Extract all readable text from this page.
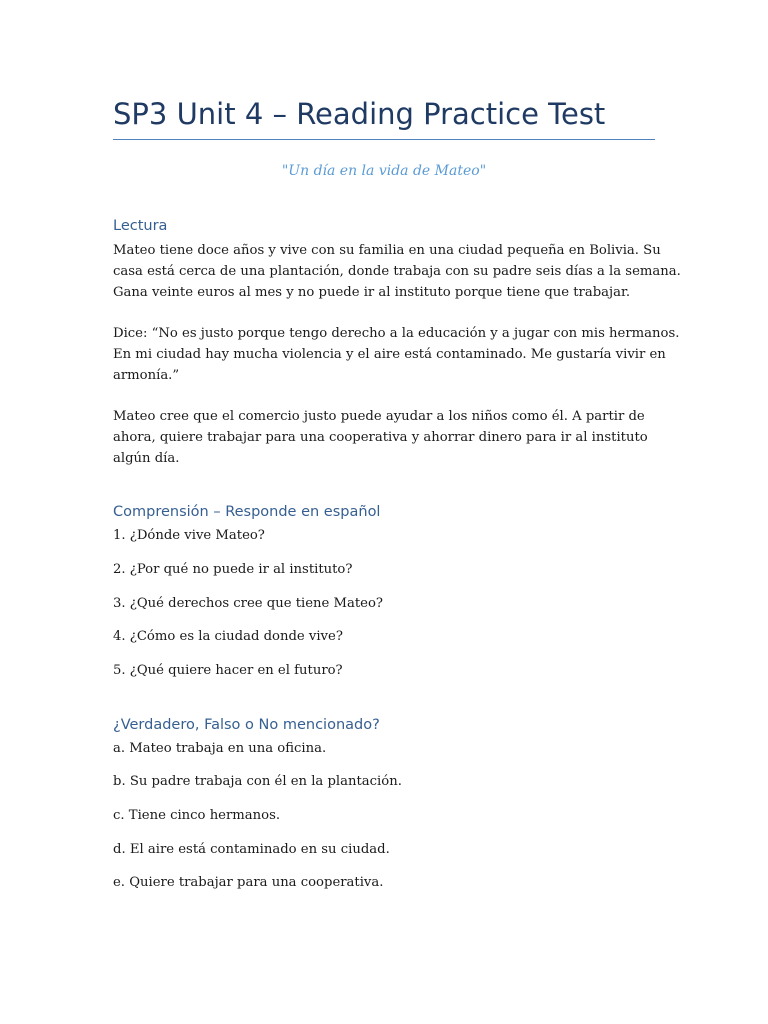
SP3 Unit 4 – Reading Practice Test
"Un día en la vida de Mateo"
Lectura
Mateo tiene doce años y vive con su familia en una ciudad pequeña en Bolivia. Su
casa está cerca de una plantación, donde trabaja con su padre seis días a la semana.
Gana veinte euros al mes y no puede ir al instituto porque tiene que trabajar.
Dice: “No es justo porque tengo derecho a la educación y a jugar con mis hermanos.
En mi ciudad hay mucha violencia y el aire está contaminado. Me gustaría vivir en
armonía.”
Mateo cree que el comercio justo puede ayudar a los niños como él. A partir de
ahora, quiere trabajar para una cooperativa y ahorrar dinero para ir al instituto
algún día.
Comprensión – Responde en español
1. ¿Dónde vive Mateo?
2. ¿Por qué no puede ir al instituto?
3. ¿Qué derechos cree que tiene Mateo?
4. ¿Cómo es la ciudad donde vive?
5. ¿Qué quiere hacer en el futuro?
¿Verdadero, Falso o No mencionado?
a. Mateo trabaja en una oficina.
b. Su padre trabaja con él en la plantación.
c. Tiene cinco hermanos.
d. El aire está contaminado en su ciudad.
e. Quiere trabajar para una cooperativa.
